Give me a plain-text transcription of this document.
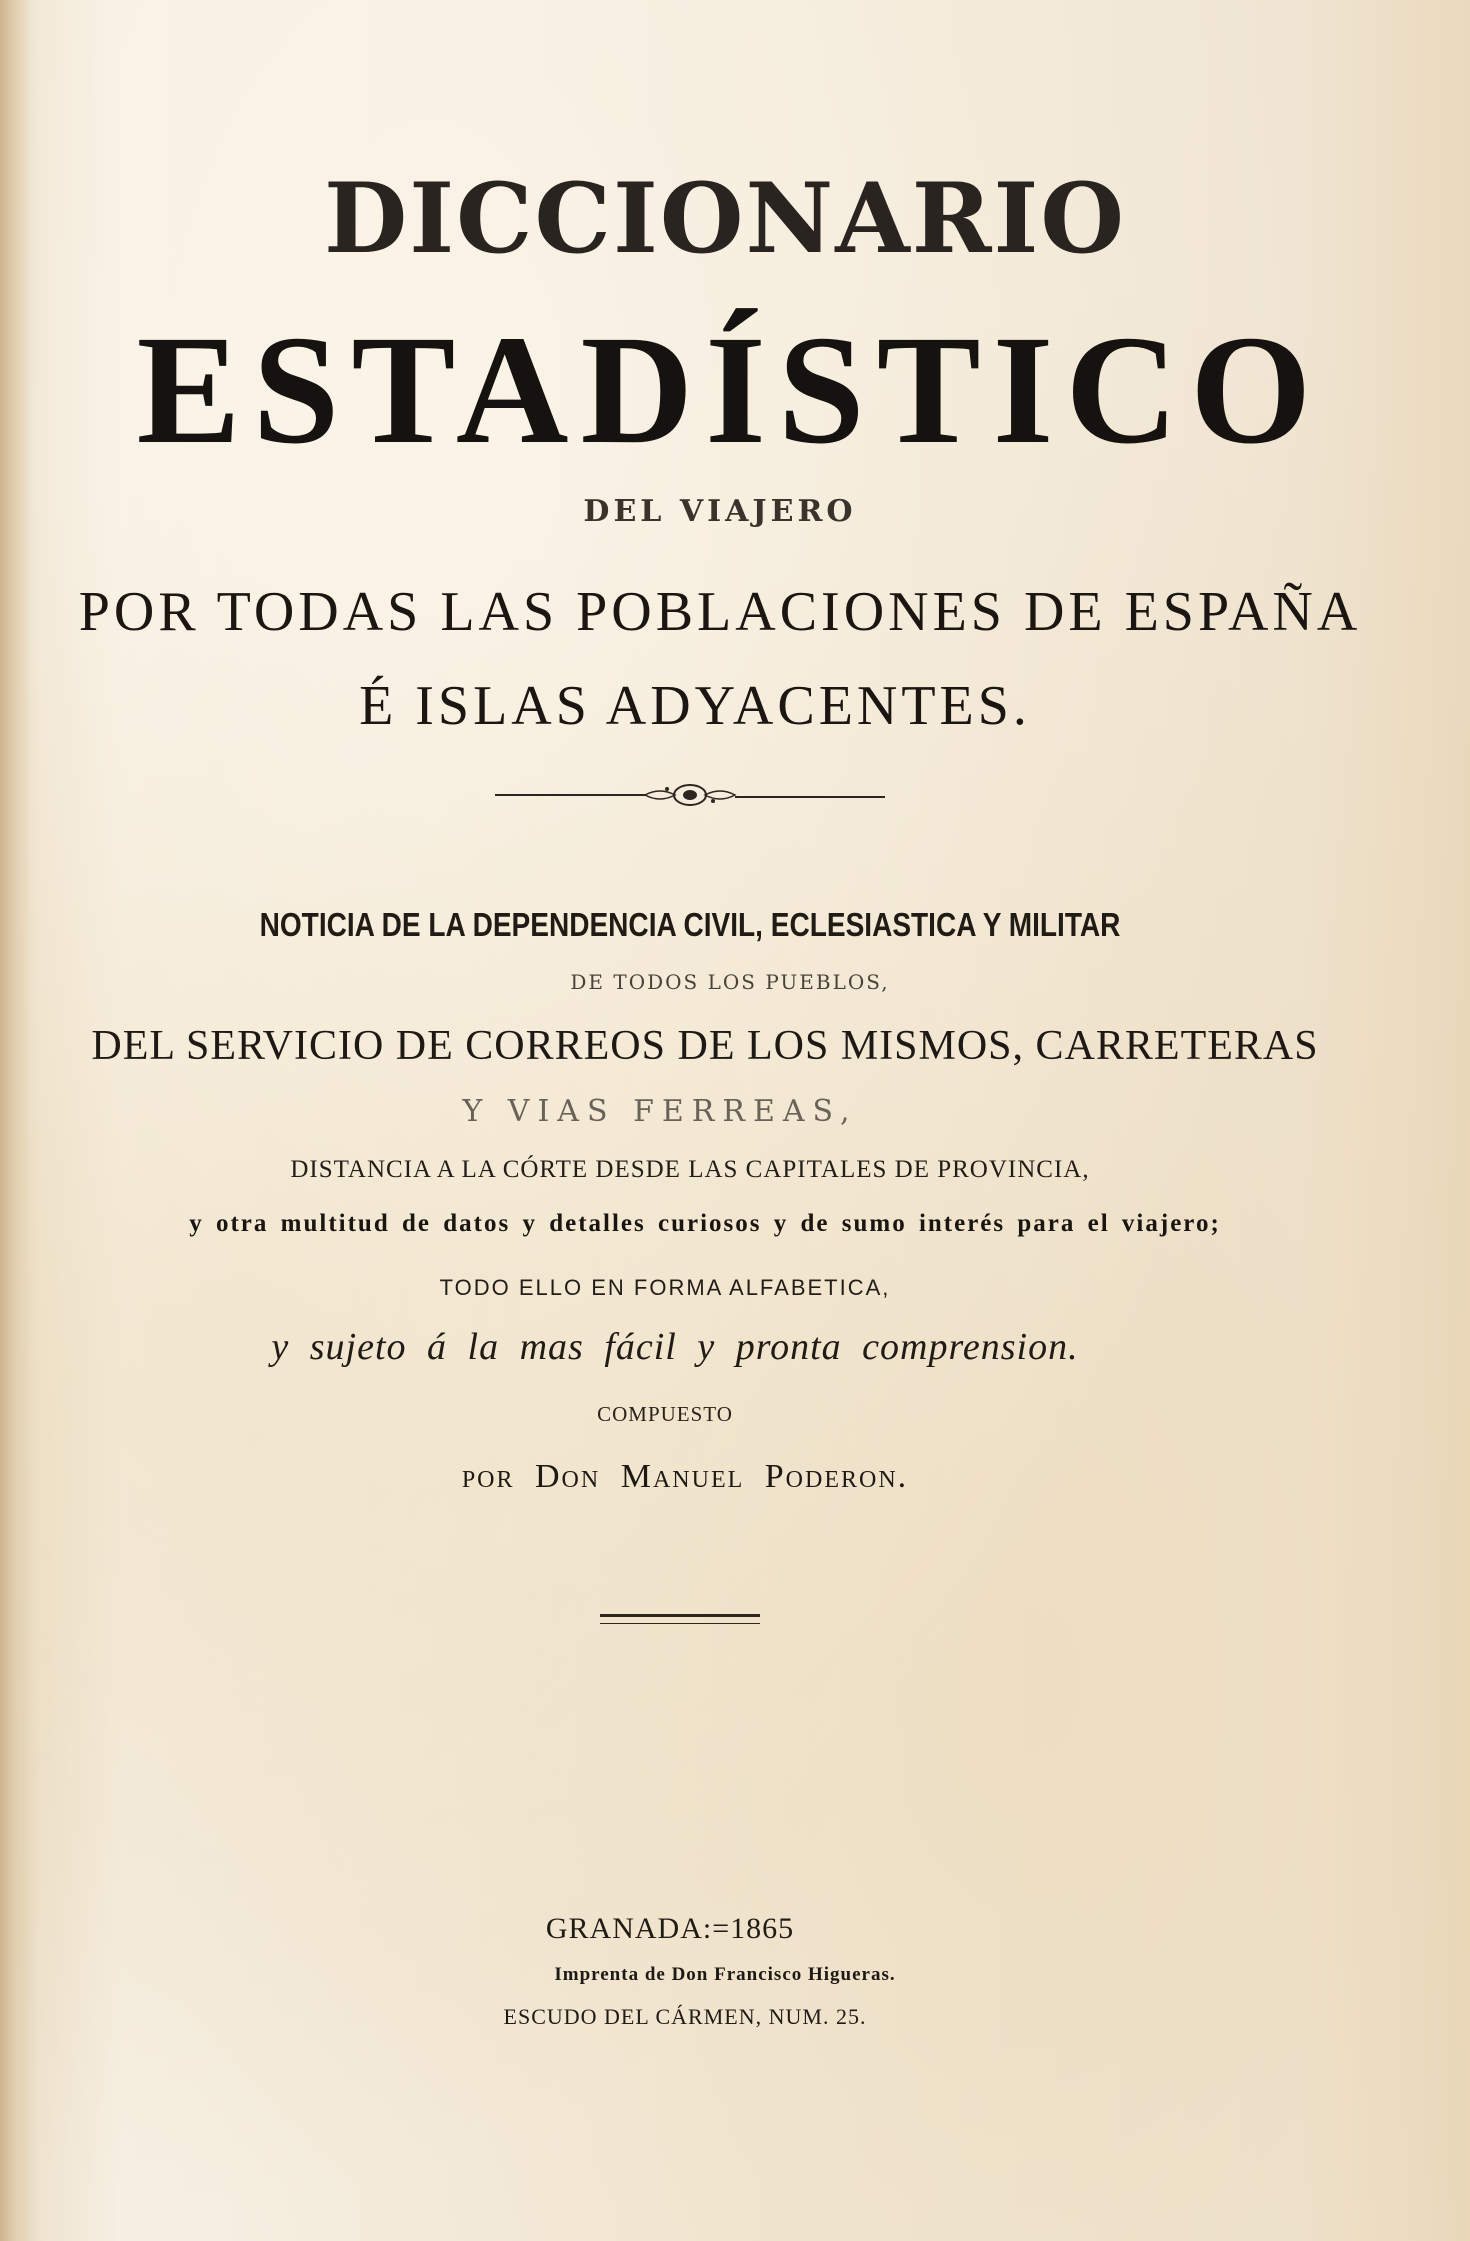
DICCIONARIO

ESTADÍSTICO

DEL VIAJERO

POR TODAS LAS POBLACIONES DE ESPAÑA

É ISLAS ADYACENTES.

NOTICIA DE LA DEPENDENCIA CIVIL, ECLESIASTICA Y MILITAR

DE TODOS LOS PUEBLOS,

DEL SERVICIO DE CORREOS DE LOS MISMOS, CARRETERAS

Y VIAS FERREAS,

DISTANCIA A LA CÓRTE DESDE LAS CAPITALES DE PROVINCIA,

y otra multitud de datos y detalles curiosos y de sumo interés para el viajero;

TODO ELLO EN FORMA ALFABETICA,

y sujeto á la mas fácil y pronta comprension.

COMPUESTO

por Don Manuel Poderon.

GRANADA:=1865

Imprenta de Don Francisco Higueras.

ESCUDO DEL CÁRMEN, NUM. 25.
